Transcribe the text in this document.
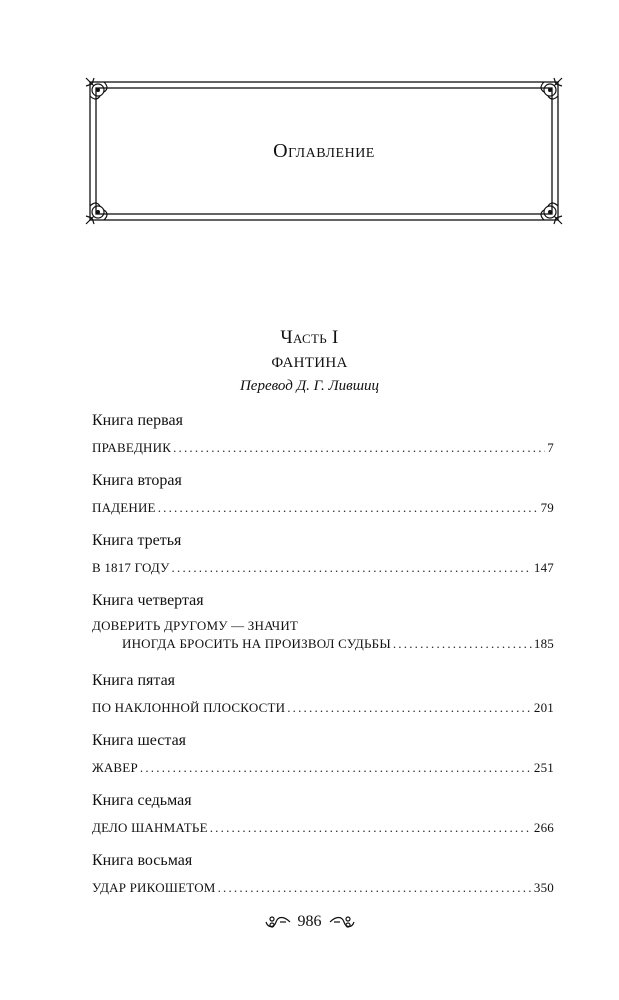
Оглавление
Часть I
ФАНТИНА
Перевод Д. Г. Лившиц
Книга первая
ПРАВЕДНИК .....	7
Книга вторая
ПАДЕНИЕ .....	79
Книга третья
В 1817 ГОДУ .....	147
Книга четвертая
ДОВЕРИТЬ ДРУГОМУ — ЗНАЧИТ
ИНОГДА БРОСИТЬ НА ПРОИЗВОЛ СУДЬБЫ .....	185
Книга пятая
ПО НАКЛОННОЙ ПЛОСКОСТИ .....	201
Книга шестая
ЖАВЕР .....	251
Книга седьмая
ДЕЛО ШАНМАТЬЕ .....	266
Книга восьмая
УДАР РИКОШЕТОМ .....	350
986
